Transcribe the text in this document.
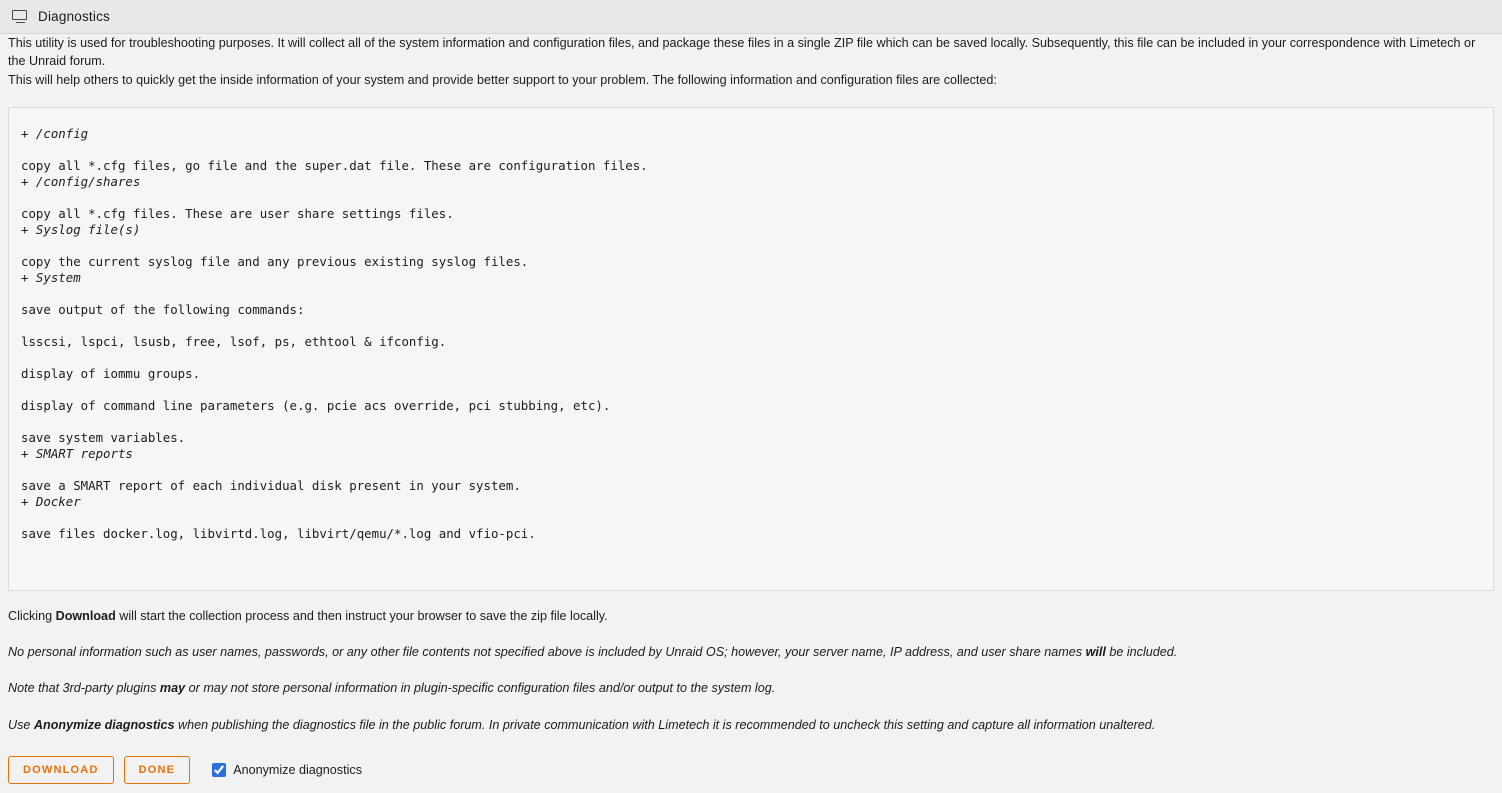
Diagnostics

This utility is used for troubleshooting purposes. It will collect all of the system information and configuration files, and package these files in a single ZIP file which can be saved locally. Subsequently, this file can be included in your correspondence with Limetech or the Unraid forum.

This will help others to quickly get the inside information of your system and provide better support to your problem. The following information and configuration files are collected:

+ /config
copy all *.cfg files, go file and the super.dat file. These are configuration files.
+ /config/shares
copy all *.cfg files. These are user share settings files.
+ Syslog file(s)
copy the current syslog file and any previous existing syslog files.
+ System
save output of the following commands:
lsscsi, lspci, lsusb, free, lsof, ps, ethtool & ifconfig.
display of iommu groups.
display of command line parameters (e.g. pcie acs override, pci stubbing, etc).
save system variables.
+ SMART reports
save a SMART report of each individual disk present in your system.
+ Docker
save files docker.log, libvirtd.log, libvirt/qemu/*.log and vfio-pci.

Clicking Download will start the collection process and then instruct your browser to save the zip file locally.

No personal information such as user names, passwords, or any other file contents not specified above is included by Unraid OS; however, your server name, IP address, and user share names will be included.

Note that 3rd-party plugins may or may not store personal information in plugin-specific configuration files and/or output to the system log.

Use Anonymize diagnostics when publishing the diagnostics file in the public forum. In private communication with Limetech it is recommended to uncheck this setting and capture all information unaltered.

DOWNLOAD	DONE	Anonymize diagnostics
